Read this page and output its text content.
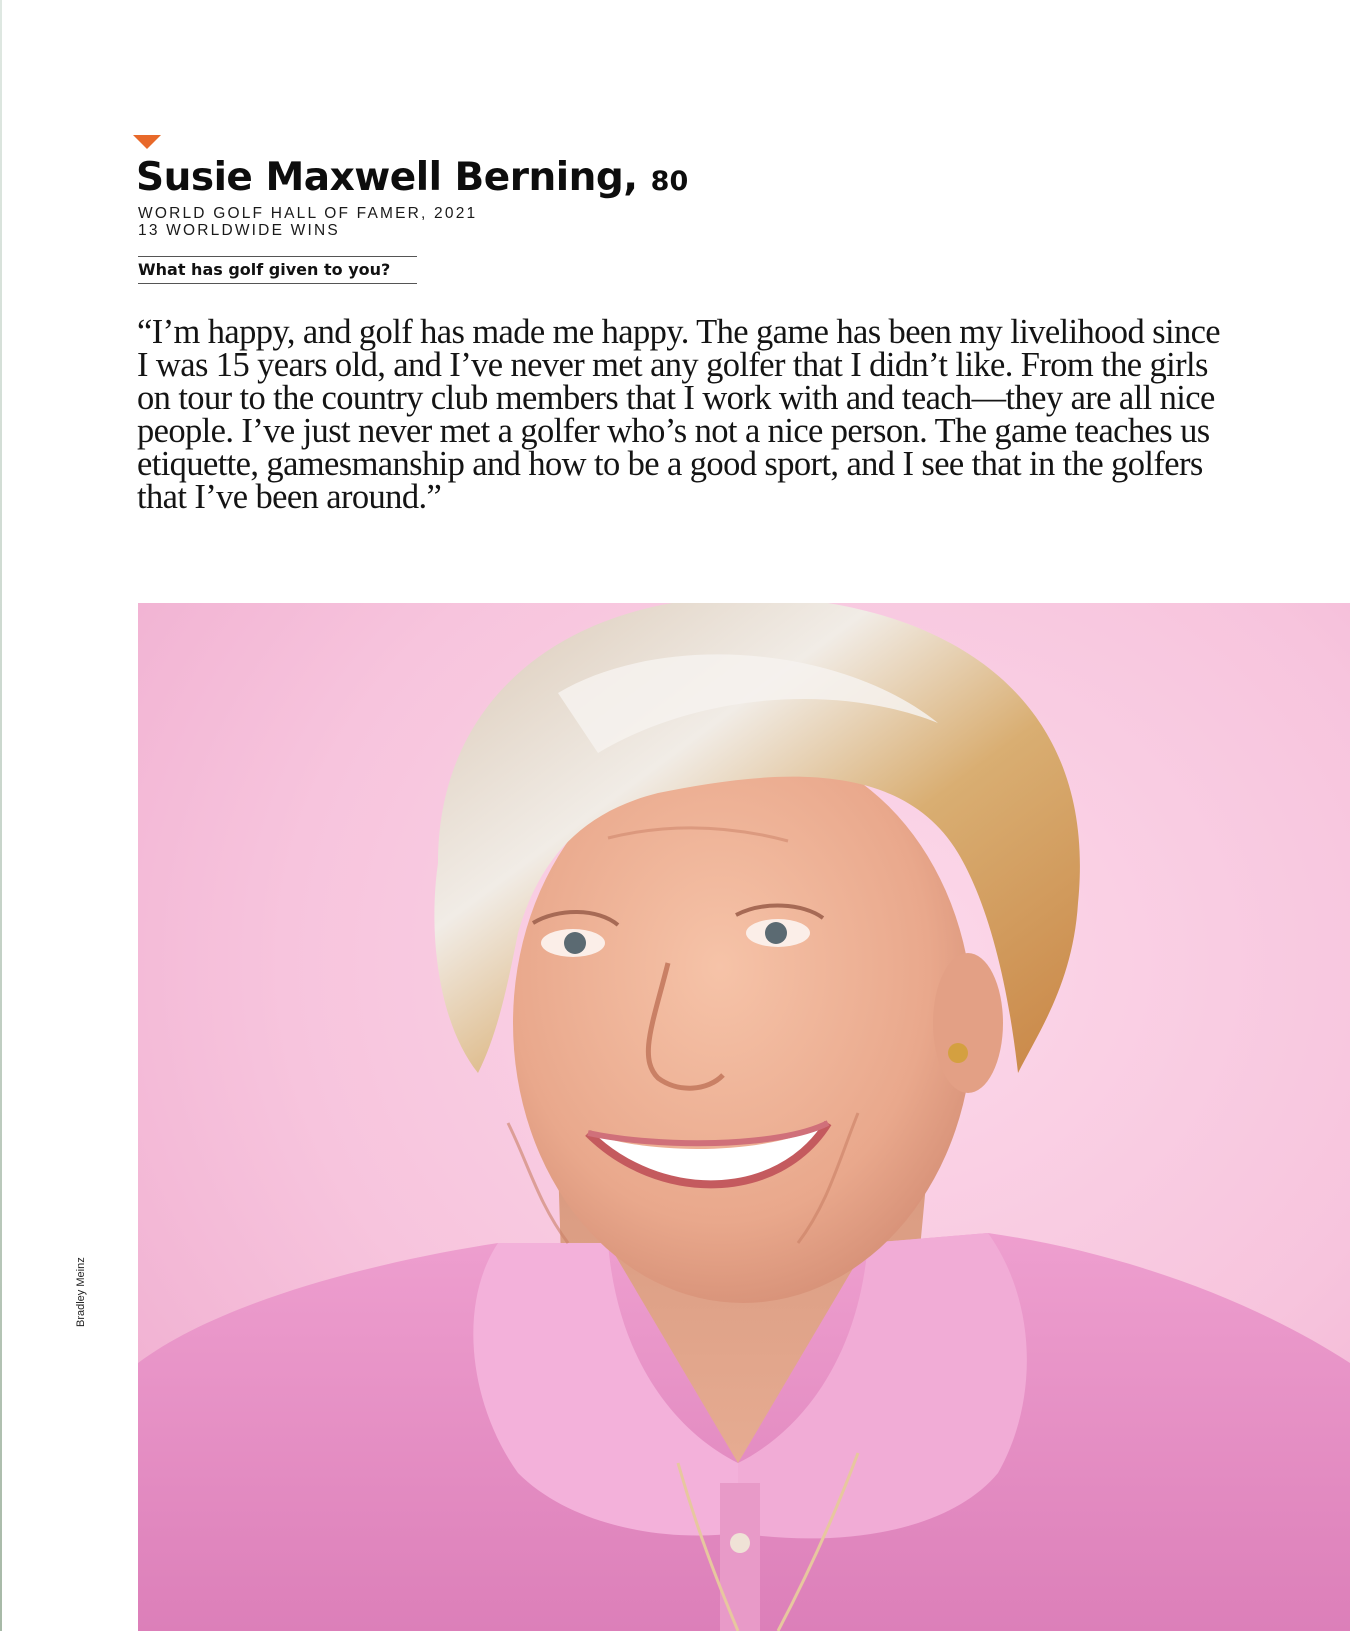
Susie Maxwell Berning, 80
WORLD GOLF HALL OF FAMER, 2021
13 WORLDWIDE WINS
What has golf given to you?

“I’m happy, and golf has made me happy. The game has been my livelihood since I was 15 years old, and I’ve never met any golfer that I didn’t like. From the girls on tour to the country club members that I work with and teach—they are all nice people. I’ve just never met a golfer who’s not a nice person. The game teaches us etiquette, gamesmanship and how to be a good sport, and I see that in the golfers that I’ve been around.”

Bradley Meinz
